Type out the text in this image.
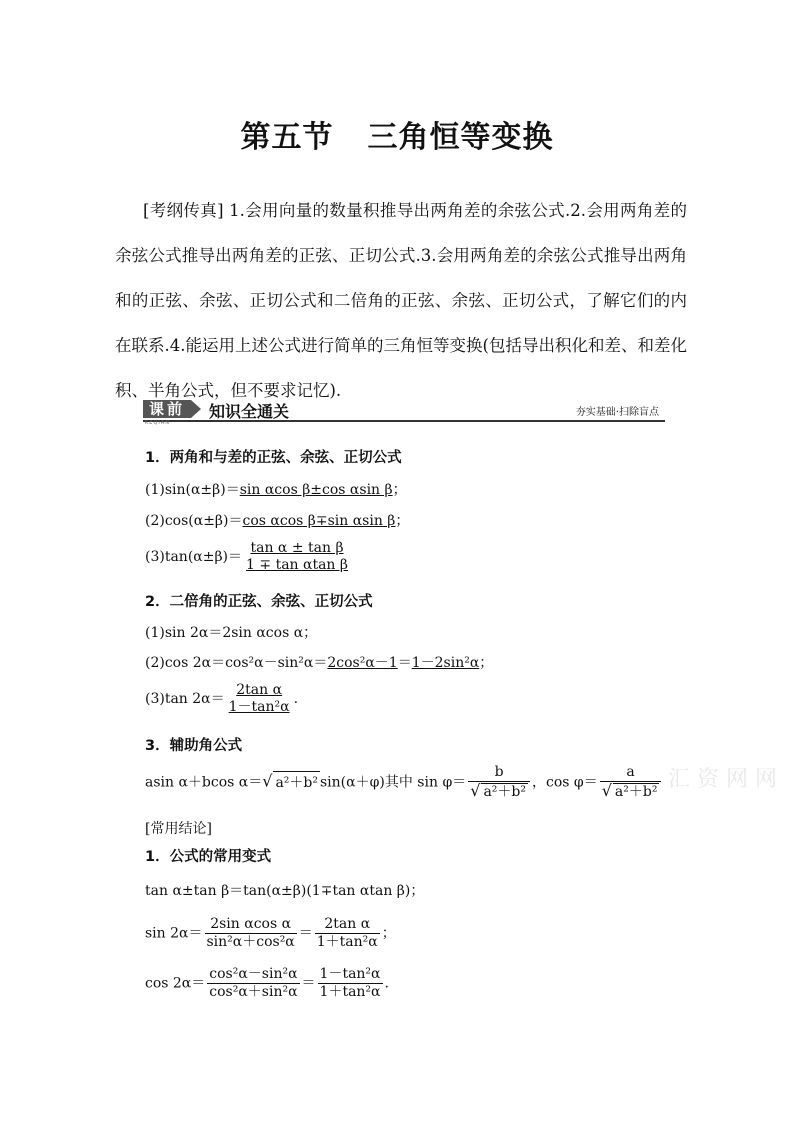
第五节 三角恒等变换
[考纲传真] 1.会用向量的数量积推导出两角差的余弦公式.2.会用两角差的余弦公式推导出两角差的正弦、正切公式.3.会用两角差的余弦公式推导出两角和的正弦、余弦、正切公式和二倍角的正弦、余弦、正切公式，了解它们的内在联系.4.能运用上述公式进行简单的三角恒等变换(包括导出积化和差、和差化积、半角公式，但不要求记忆).
课前
KEQIAN
知识全通关	夯实基础·扫除盲点
1．两角和与差的正弦、余弦、正切公式
(1)sin(α±β)＝sin αcos β±cos αsin β；
(2)cos(α±β)＝cos αcos β∓sin αsin β；
$(3)\tan(\alpha\pm\beta)= \frac{\text{tan α ± tan β}}{\text{1 ∓ tan αtan β}}$
2．二倍角的正弦、余弦、正切公式
(1)sin 2α＝2sin αcos α；
(2)cos 2α＝cos²α－sin²α＝2cos²α－1＝1－2sin²α；
(3)tan $2\alpha= \frac{\text{2tan α}}{\text{1－tan²α}}$ .
3．辅助角公式
asin α＋bcos α＝√ a²＋b² sin(α＋φ)其中 $\sin \varphi= \frac{b}{\text{√ a²＋b²}}$ ，$\cos \varphi= \frac{a}{\text{√ a²＋b²}}$
[常用结论]
1．公式的常用变式
tan α±tan β＝tan(α±β)(1∓tan αtan β)；
$\sin 2\alpha= \frac{\text{2sin αcos α}}{\text{sin²α＋cos²α}} = \frac{\text{2tan α}}{\text{1＋tan²α}}$ ；
$\cos 2\alpha= \frac{\text{cos²α－sin²α}}{\text{cos²α＋sin²α}} = \frac{\text{1－tan²α}}{\text{1＋tan²α}}$ .
汇 资 网 网
